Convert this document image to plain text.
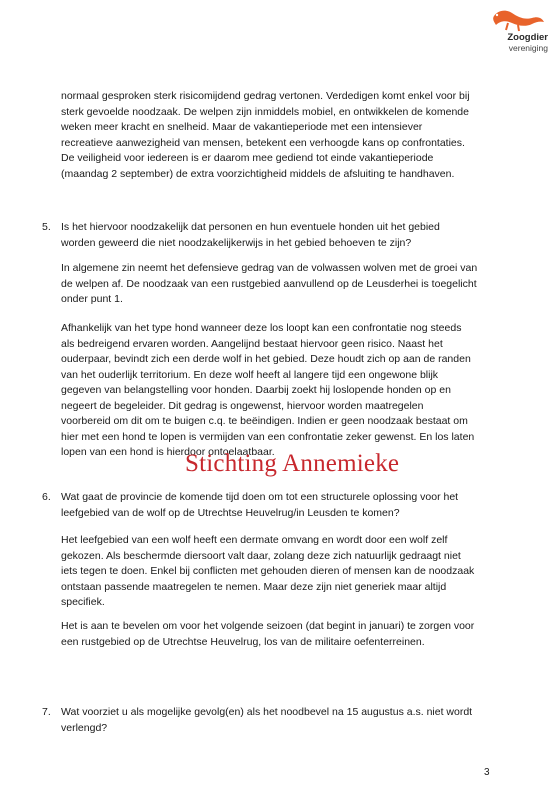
Zoogdier
vereniging

normaal gesproken sterk risicomijdend gedrag vertonen. Verdedigen komt enkel voor bij
sterk gevoelde noodzaak. De welpen zijn inmiddels mobiel, en ontwikkelen de komende
weken meer kracht en snelheid. Maar de vakantieperiode met een intensiever
recreatieve aanwezigheid van mensen, betekent een verhoogde kans op confrontaties.
De veiligheid voor iedereen is er daarom mee gediend tot einde vakantieperiode
(maandag 2 september) de extra voorzichtigheid middels de afsluiting te handhaven.

5. Is het hiervoor noodzakelijk dat personen en hun eventuele honden uit het gebied
worden geweerd die niet noodzakelijkerwijs in het gebied behoeven te zijn?

In algemene zin neemt het defensieve gedrag van de volwassen wolven met de groei van
de welpen af. De noodzaak van een rustgebied aanvullend op de Leusderhei is toegelicht
onder punt 1.

Afhankelijk van het type hond wanneer deze los loopt kan een confrontatie nog steeds
als bedreigend ervaren worden. Aangelijnd bestaat hiervoor geen risico. Naast het
ouderpaar, bevindt zich een derde wolf in het gebied. Deze houdt zich op aan de randen
van het ouderlijk territorium. En deze wolf heeft al langere tijd een ongewone blijk
gegeven van belangstelling voor honden. Daarbij zoekt hij loslopende honden op en
negeert de begeleider. Dit gedrag is ongewenst, hiervoor worden maatregelen
voorbereid om dit om te buigen c.q. te beëindigen. Indien er geen noodzaak bestaat om
hier met een hond te lopen is vermijden van een confrontatie zeker gewenst. En los laten
lopen van een hond is hierdoor ontoelaatbaar.

Stichting Annemieke
6. Wat gaat de provincie de komende tijd doen om tot een structurele oplossing voor het
leefgebied van de wolf op de Utrechtse Heuvelrug/in Leusden te komen?

Het leefgebied van een wolf heeft een dermate omvang en wordt door een wolf zelf
gekozen. Als beschermde diersoort valt daar, zolang deze zich natuurlijk gedraagt niet
iets tegen te doen. Enkel bij conflicten met gehouden dieren of mensen kan de noodzaak
ontstaan passende maatregelen te nemen. Maar deze zijn niet generiek maar altijd
specifiek.

Het is aan te bevelen om voor het volgende seizoen (dat begint in januari) te zorgen voor
een rustgebied op de Utrechtse Heuvelrug, los van de militaire oefenterreinen.

7. Wat voorziet u als mogelijke gevolg(en) als het noodbevel na 15 augustus a.s. niet wordt
verlengd?

3
